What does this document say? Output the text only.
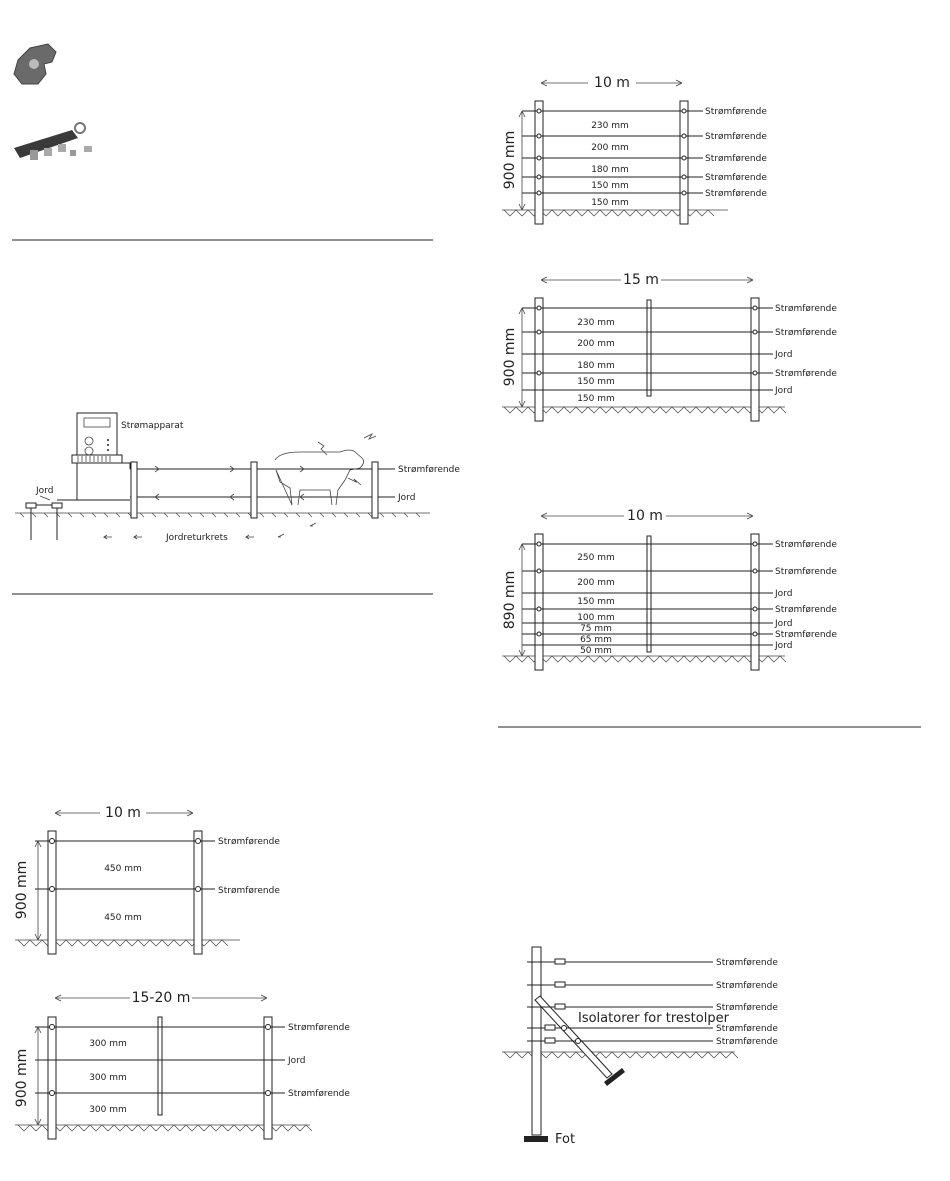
Strømapparat
Jord
Strømførende
Jord
Jordreturkrets
10 m
900 mm	450 mm
450 mm
Strømførende
Strømførende
15-20 m
900 mm
300 mm
300 mm
300 mm
Strømførende
Jord
Strømførende
10 m
900 mm
230 mm
200 mm
180 mm
150 mm
150 mm
Strømførende
Strømførende
Strømførende
Strømførende
Strømførende
15 m
900 mm
230 mm
200 mm
180 mm
150 mm
150 mm
Strømførende
Strømførende
Jord
Strømførende
Jord
10 m
890 mm
250 mm
200 mm
150 mm
100 mm
75 mm
65 mm
50 mm
Strømførende
Strømførende
Jord
Strømførende
Jord
Strømførende
Jord
Isolatorer for trestolper
Fot
Strømførende
Strømførende
Strømførende
Strømførende
Strømførende
